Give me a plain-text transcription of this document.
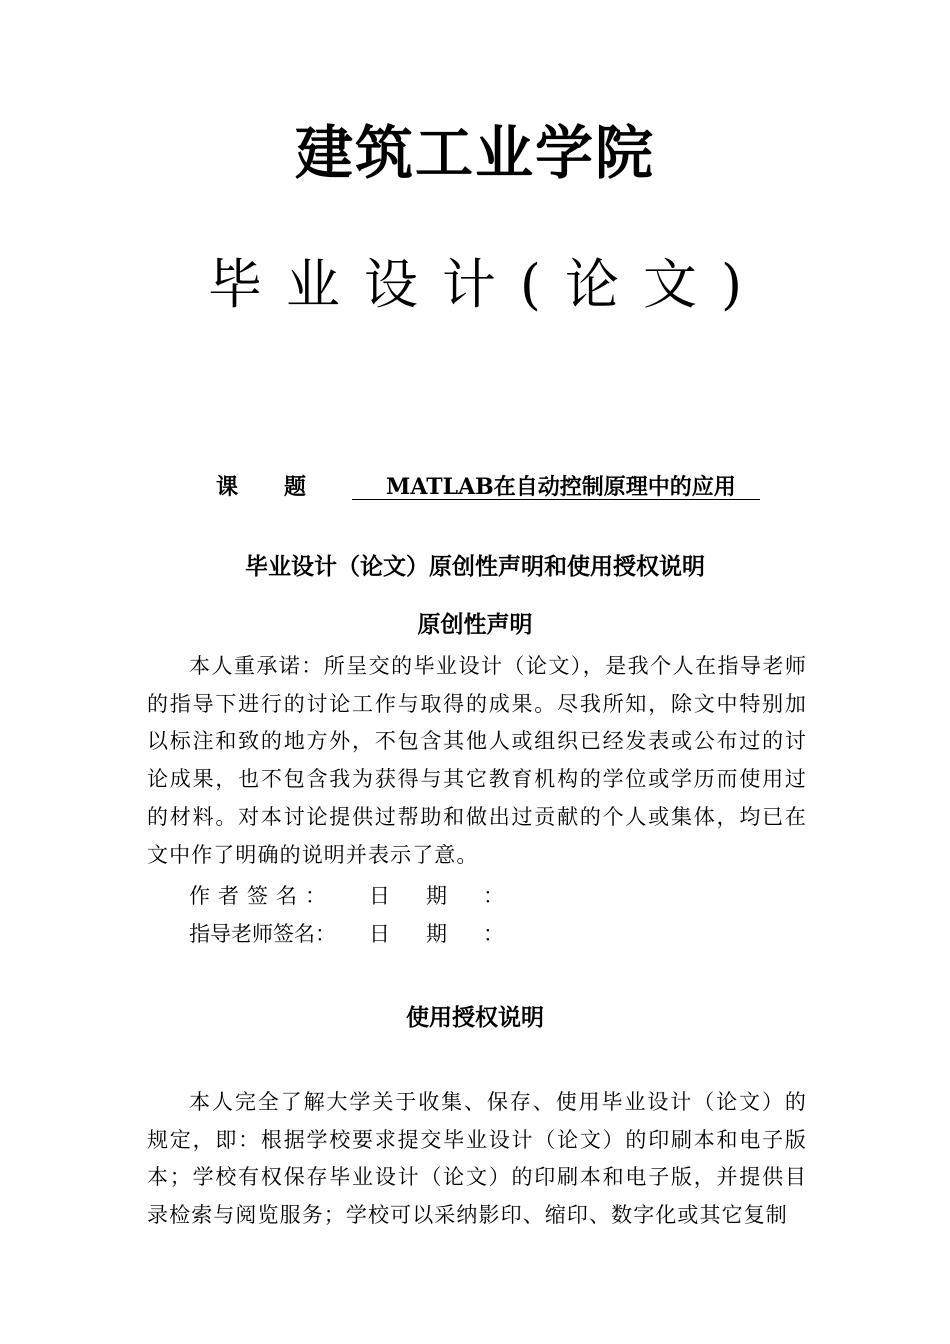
建筑工业学院
毕业设计(论文)
课题 MATLAB在自动控制原理中的应用
毕业设计（论文）原创性声明和使用授权说明
原创性声明

本人重承诺：所呈交的毕业设计（论文），是我个人在指导老师的指导下进行的讨论工作与取得的成果。尽我所知，除文中特别加以标注和致的地方外，不包含其他人或组织已经发表或公布过的讨论成果，也不包含我为获得与其它教育机构的学位或学历而使用过的材料。对本讨论提供过帮助和做出过贡献的个人或集体，均已在文中作了明确的说明并表示了意。

作者签名： 日期：
指导老师签名： 日期：
使用授权说明

本人完全了解大学关于收集、保存、使用毕业设计（论文）的规定，即：根据学校要求提交毕业设计（论文）的印刷本和电子版本；学校有权保存毕业设计（论文）的印刷本和电子版，并提供目录检索与阅览服务；学校可以采纳影印、缩印、数字化或其它复制
